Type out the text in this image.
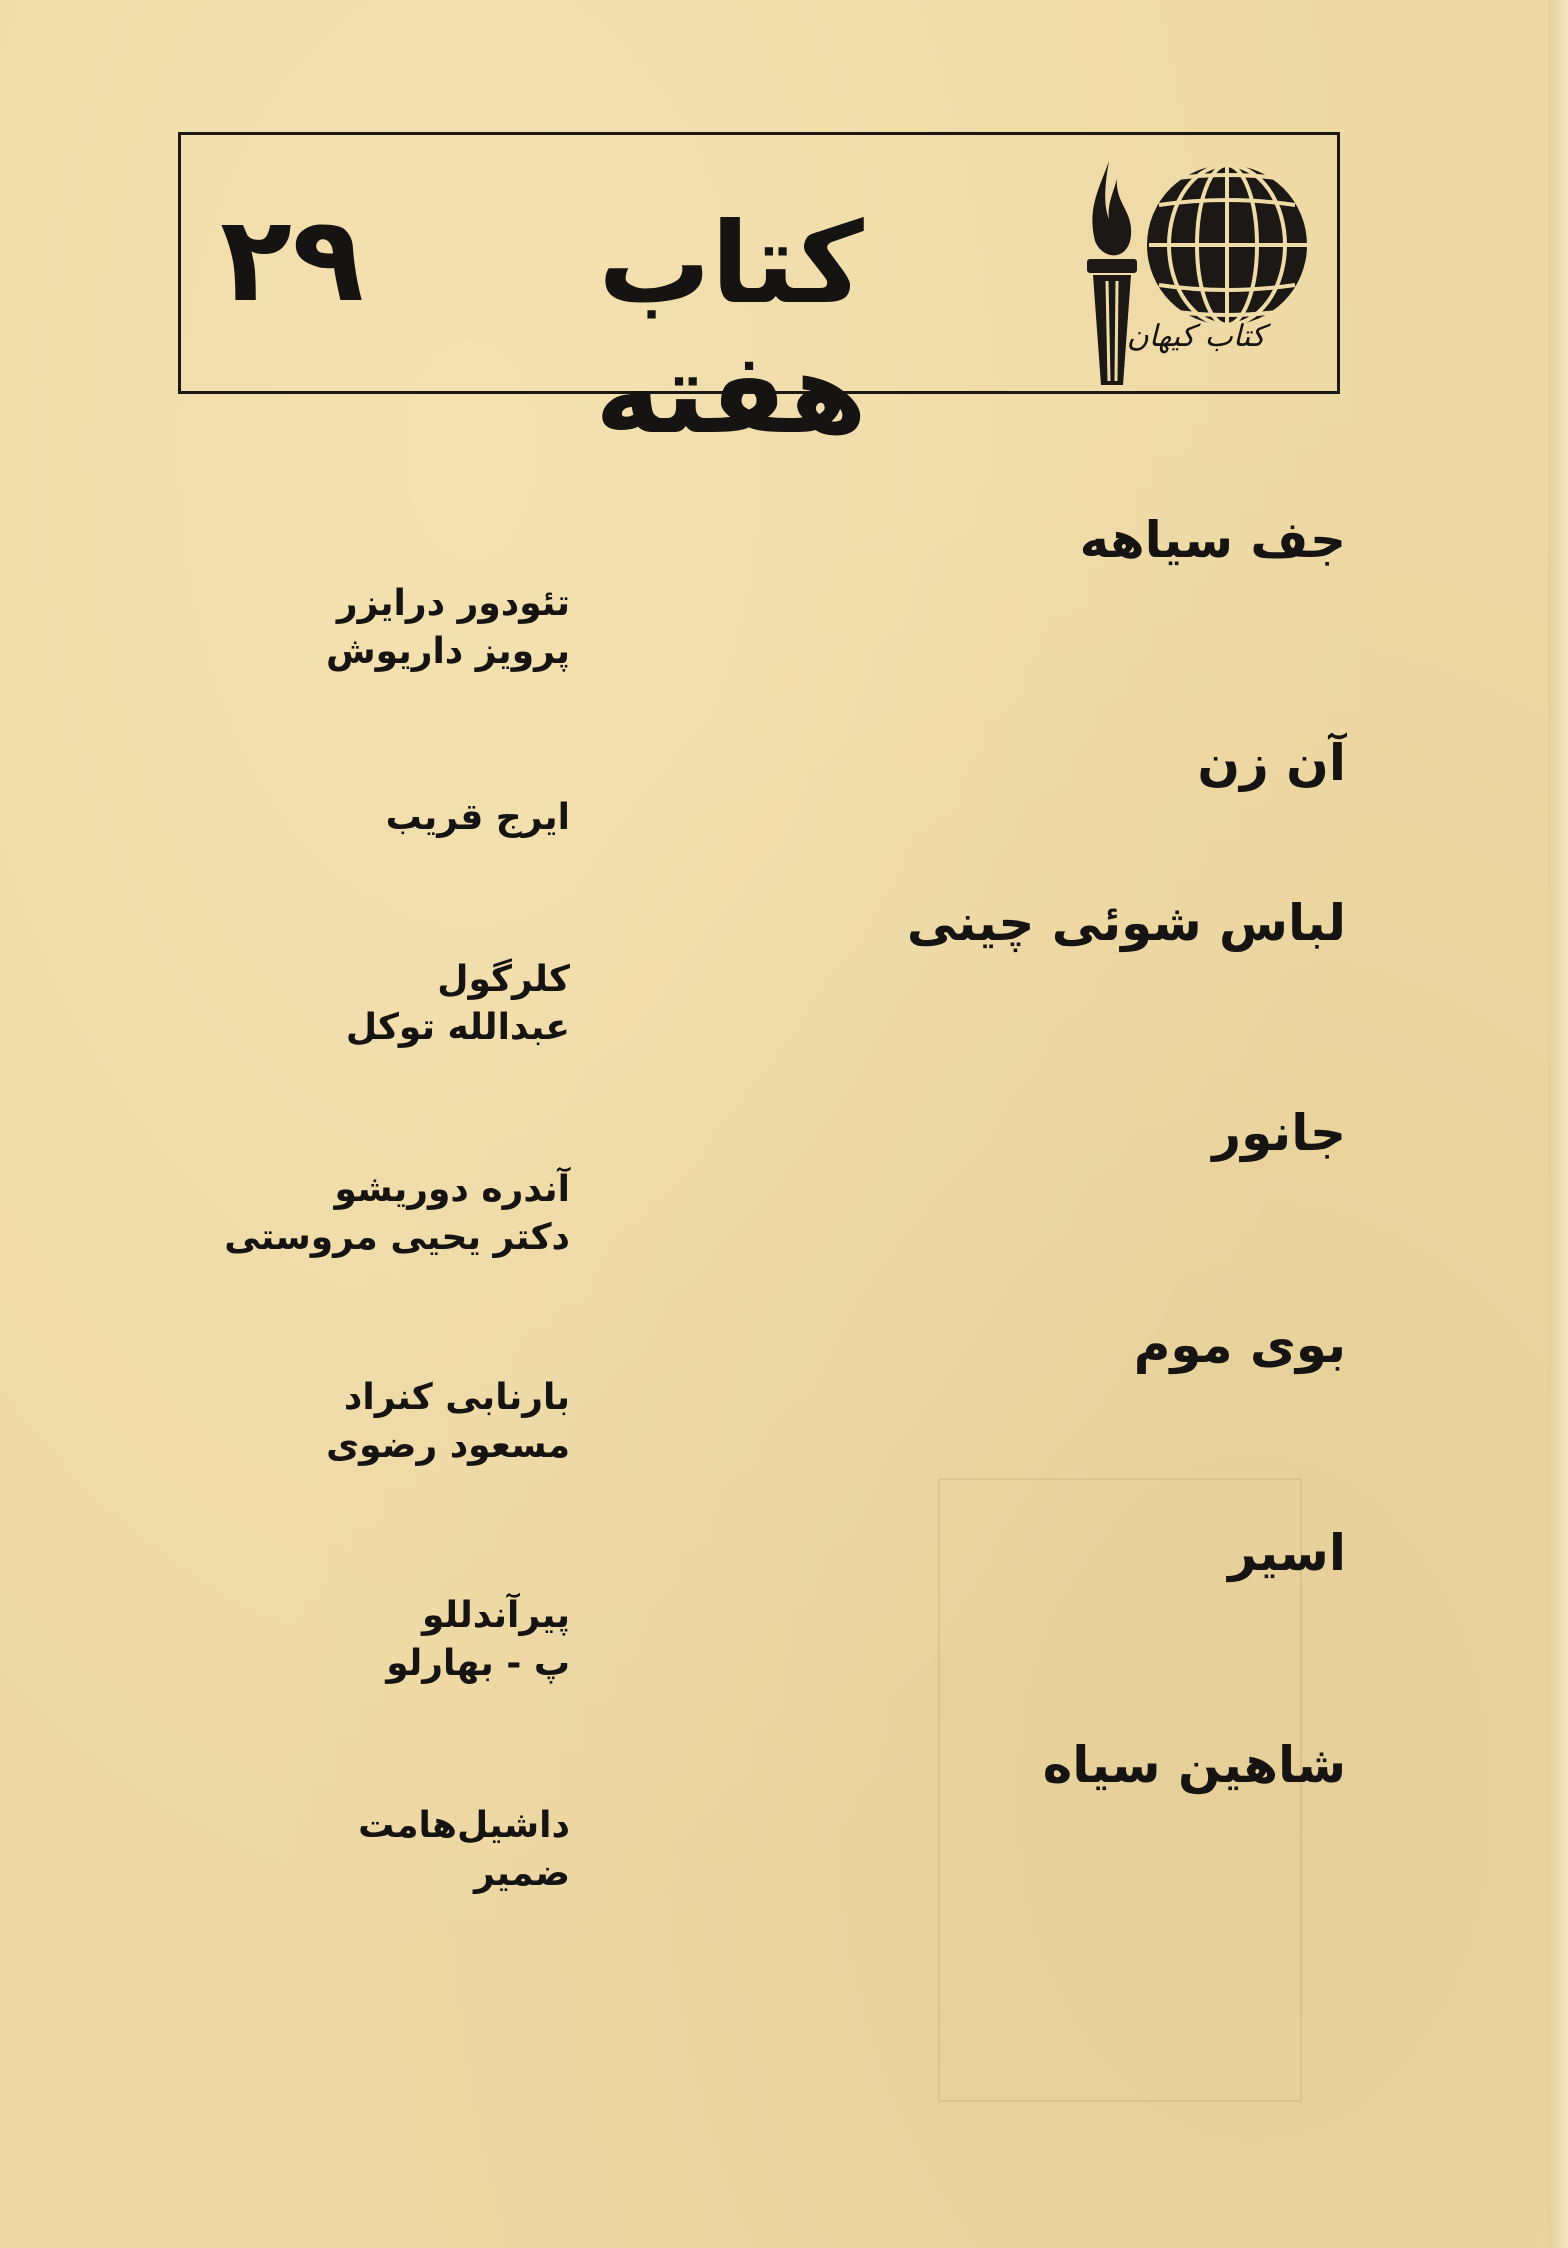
۲۹	کتاب هفته	کتاب کیهان
جف سیاهه
تئودور درایزر
پرویز داریوش
آن زن
ایرج قریب
لباس شوئی چینی
کلرگول
عبدالله توکل
جانور
آندره دوریشو
دکتر یحیی مروستی
بوی موم
بارنابی کنراد
مسعود رضوی
اسیر
پیرآندللو
پ - بهارلو
شاهین سیاه
داشیل‌هامت
ضمیر
